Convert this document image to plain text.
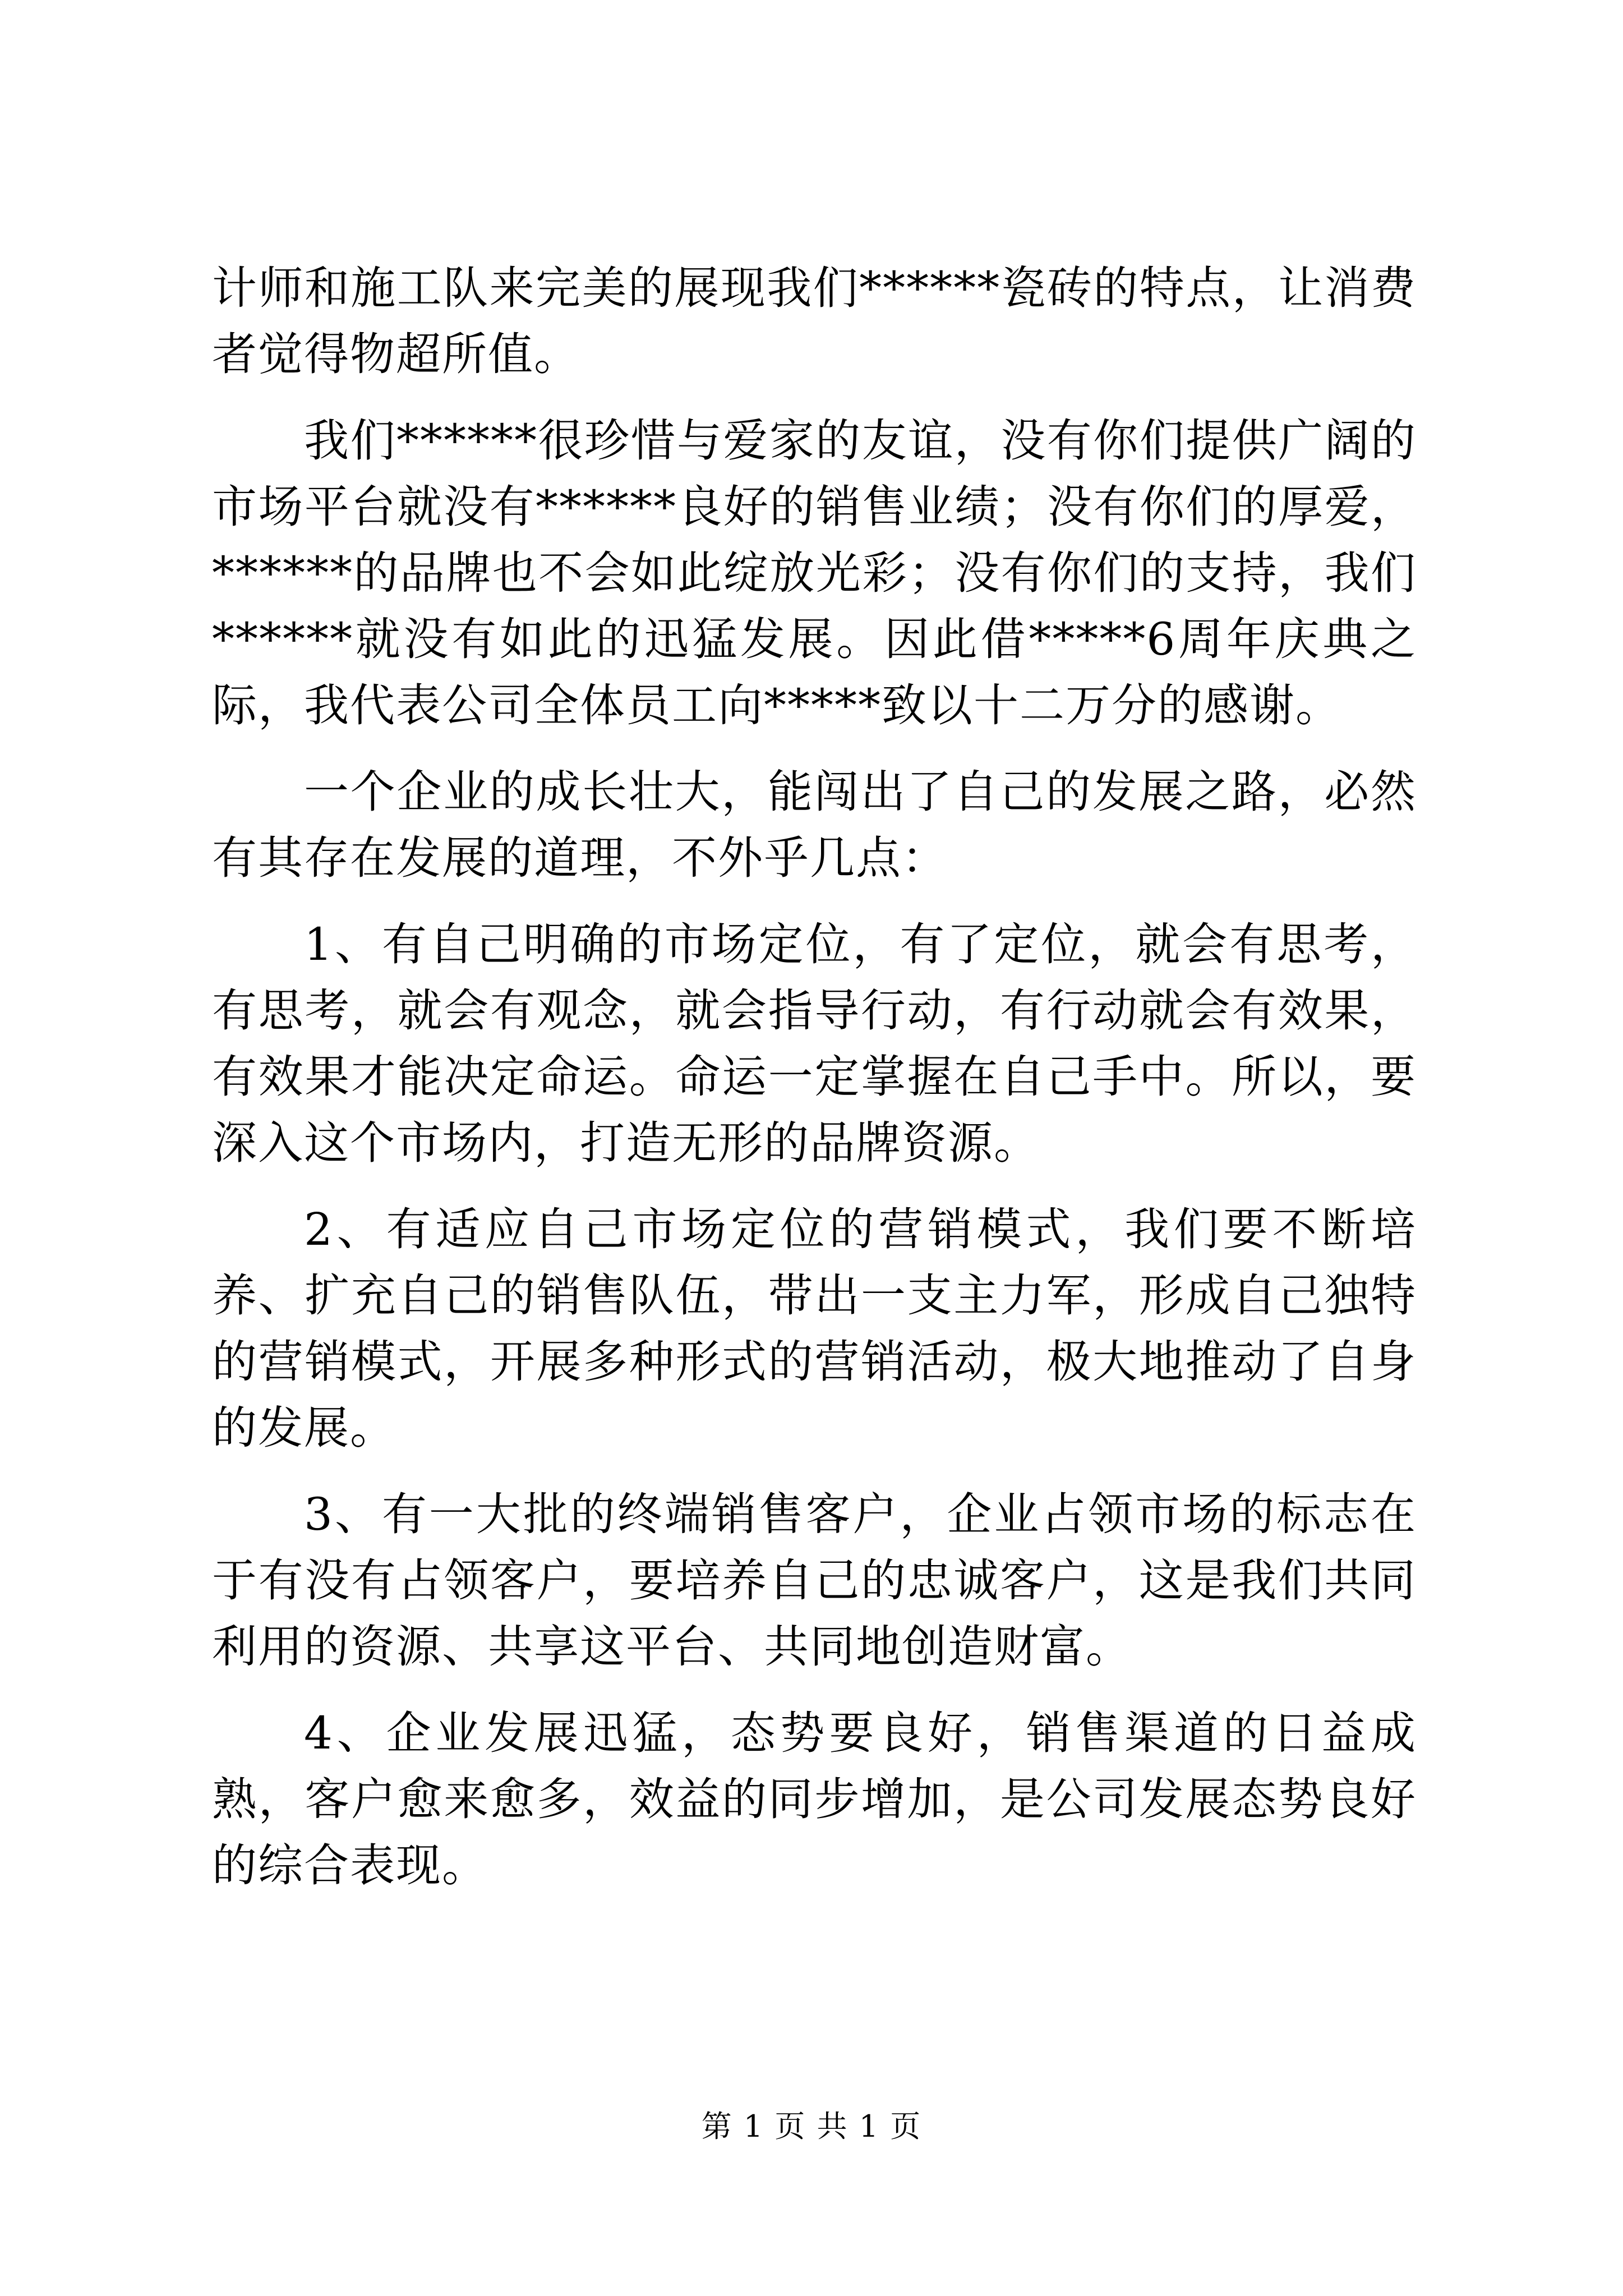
计师和施工队来完美的展现我们******瓷砖的特点，让消费者觉得物超所值。

我们******很珍惜与爱家的友谊，没有你们提供广阔的市场平台就没有******良好的销售业绩；没有你们的厚爱，******的品牌也不会如此绽放光彩；没有你们的支持，我们******就没有如此的迅猛发展。因此借*****6周年庆典之际，我代表公司全体员工向*****致以十二万分的感谢。

一个企业的成长壮大，能闯出了自己的发展之路，必然有其存在发展的道理，不外乎几点：

1、有自己明确的市场定位，有了定位，就会有思考，有思考，就会有观念，就会指导行动，有行动就会有效果，有效果才能决定命运。命运一定掌握在自己手中。所以，要深入这个市场内，打造无形的品牌资源。

2、有适应自己市场定位的营销模式，我们要不断培养、扩充自己的销售队伍，带出一支主力军，形成自己独特的营销模式，开展多种形式的营销活动，极大地推动了自身的发展。

3、有一大批的终端销售客户，企业占领市场的标志在于有没有占领客户，要培养自己的忠诚客户，这是我们共同利用的资源、共享这平台、共同地创造财富。

4、企业发展迅猛，态势要良好，销售渠道的日益成熟，客户愈来愈多，效益的同步增加，是公司发展态势良好的综合表现。

第 1 页 共 1 页
